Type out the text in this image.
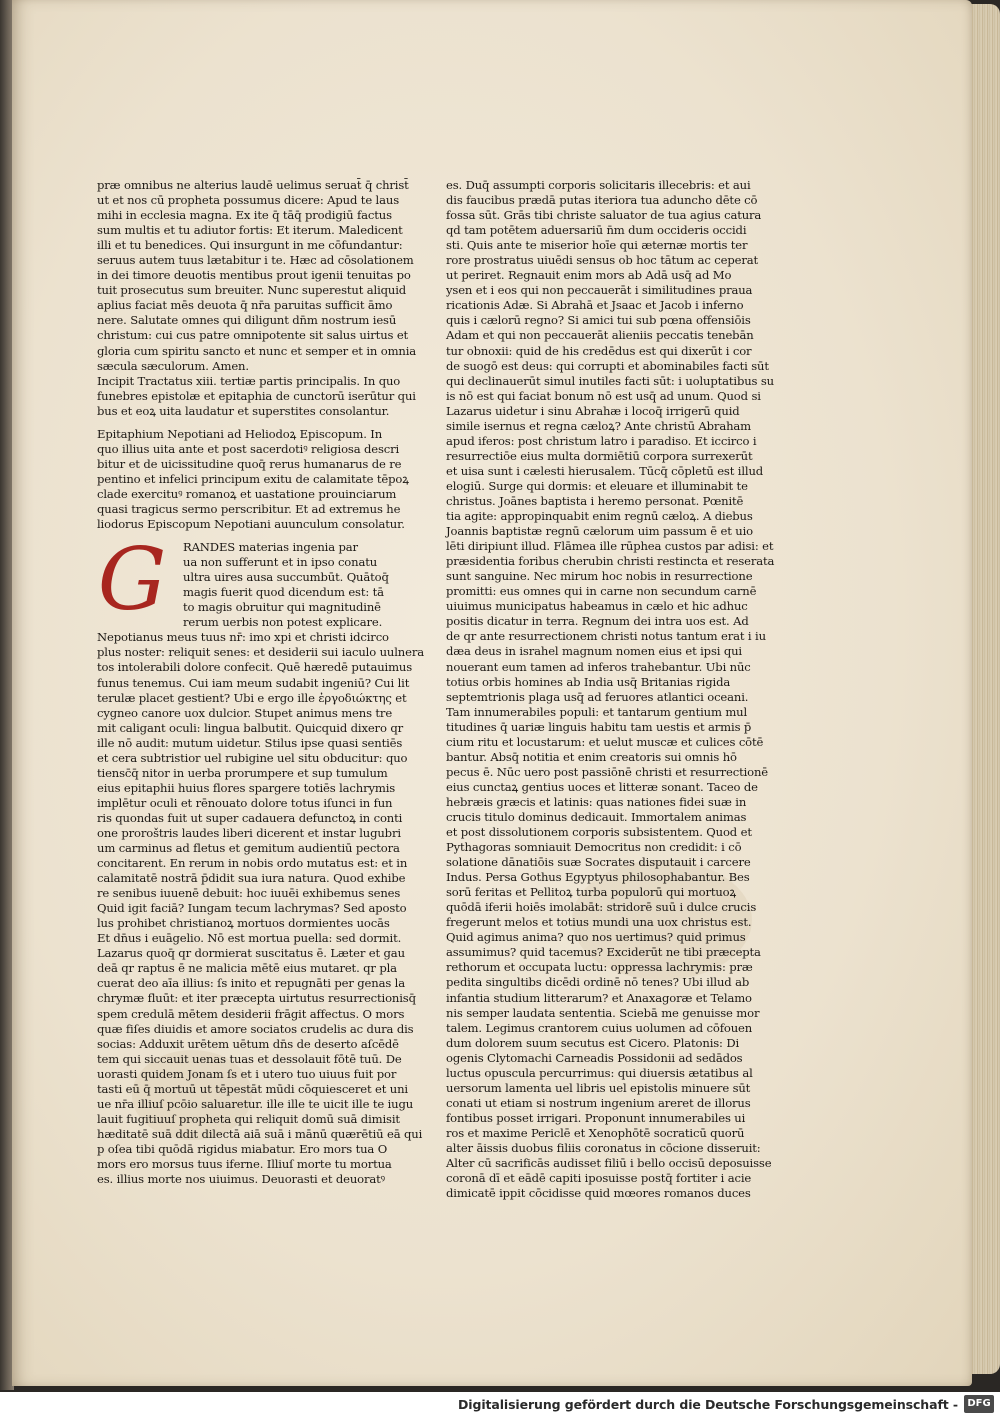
præ omnibus ne alterius laudē uelimus seruat̄ q̄ christ̄
ut et nos cū propheta possumus dicere: Apud te laus
mihi in ecclesia magna. Ex ite q̄ tāq̄ prodigiū factus
sum multis et tu adiutor fortis: Et iterum. Maledicent
illi et tu benedices. Qui insurgunt in me cōfundantur:
seruus autem tuus lætabitur i te. Hæc ad cōsolationem
in dei timore deuotis mentibus prout igenii tenuitas po
tuit prosecutus sum breuiter. Nunc superestut aliquid
aplius faciat mēs deuota q̄ nr̄a paruitas sufficit āmo
nere. Salutate omnes qui diligunt dn̄m nostrum iesū
christum: cui cus patre omnipotente sit salus uirtus et
gloria cum spiritu sancto et nunc et semper et in omnia
sæcula sæculorum. Amen.
Incipit Tractatus xiii. tertiæ partis principalis. In quo
funebres epistolæ et epitaphia de cunctorū iserūtur qui
bus et eoꝝ uita laudatur et superstites consolantur.
Epitaphium Nepotiani ad Heliodoꝝ Episcopum. In
quo illius uita ante et post sacerdotiꝰ religiosa descri
bitur et de uicissitudine quoq̄ rerus humanarus de re
pentino et infelici principum exitu de calamitate tēpoꝝ
clade exercituꝰ romanoꝝ et uastatione prouinciarum
quasi tragicus sermo perscribitur. Et ad extremus he
liodorus Episcopum Nepotiani auunculum consolatur.
G	RANDES materias ingenia par
ua non sufferunt et in ipso conatu
ultra uires ausa succumbūt. Quātoq̄
magis fuerit quod dicendum est: tā
to magis obruitur qui magnitudinē
rerum uerbis non potest explicare.
Nepotianus meus tuus nr̄: imo xpi et christi idcirco
plus noster: reliquit senes: et desiderii sui iaculo uulnera
tos intolerabili dolore confecit. Quē hæredē putauimus
funus tenemus. Cui iam meum sudabit ingeniū? Cui lit
terulæ placet gestient? Ubi e ergo ille ἐργοδιώκτης et
cygneo canore uox dulcior. Stupet animus mens tre
mit caligant oculi: lingua balbutit. Quicquid dixero qr
ille nō audit: mutum uidetur. Stilus ipse quasi sentiēs
et cera subtristior uel rubigine uel situ obducitur: quo
tiensc̄q̄ nitor in uerba prorumpere et sup tumulum
eius epitaphii huius flores spargere totiēs lachrymis
implētur oculi et rēnouato dolore totus iſunci in fun
ris quondas fuit ut super cadauera defunctoꝝ in conti
one proroštris laudes liberi dicerent et instar lugubri
um carminus ad fletus et gemitum audientiū pectora
concitarent. En rerum in nobis ordo mutatus est: et in
calamitatē nostrā p̄didit sua iura natura. Quod exhibe
re senibus iuuenē debuit: hoc iuuēi exhibemus senes
Quid igit faciā? Iungam tecum lachrymas? Sed aposto
lus prohibet christianoꝝ mortuos dormientes uocās
Et dn̄us i euāgelio. Nō est mortua puella: sed dormit.
Lazarus quoq̄ qr dormierat suscitatus ē. Læter et gau
deā qr raptus ē ne malicia mētē eius mutaret. qr pla
cuerat deo aīa illius: ſs inito et repugnāti per genas la
chrymæ fluūt: et iter præcepta uirtutus resurrectionisq̄
spem credulā mētem desiderii frāgit affectus. O mors
quæ fiſes diuidis et amore sociatos crudelis ac dura dis
socias: Adduxit urētem uētum dn̄s de deserto aſcēdē
tem qui siccauit uenas tuas et dessolauit fōtē tuū. De
uorasti quidem Jonam ſs et i utero tuo uiuus fuit por
tasti eū q̄ mortuū ut tēpestāt mūdi cōquiesceret et uni
ue nr̄a illiuſ pcōio saluaretur. ille ille te uicit ille te iugu
lauit fugitiuuſ propheta qui reliquit domū suā dimisit
hæditatē suā ddit dilectā aiā suā i mānū quærētiū eā qui
p oſea tibi quōdā rigidus miabatur. Ero mors tua O
mors ero morsus tuus iferne. Illiuſ morte tu mortua
es. illius morte nos uiuimus. Deuorasti et deuoratꝰ
es. Duq̄ assumpti corporis solicitaris illecebris: et aui
dis faucibus prædā putas iteriora tua aduncho dēte cō
fossa sūt. Grās tibi christe saluator de tua agius catura
qd tam potētem aduersariū n̄m dum occideris occidi
sti. Quis ante te miserior hoīe qui æternæ mortis ter
rore prostratus uiuēdi sensus ob hoc tātum ac ceperat
ut periret. Regnauit enim mors ab Adā usq̄ ad Mo
ysen et i eos qui non peccauerāt i similitudines praua
ricationis Adæ. Si Abrahā et Jsaac et Jacob i inferno
quis i cælorū regno? Si amici tui sub pœna offensiōis
Adam et qui non peccauerāt alieniis peccatis tenebān
tur obnoxii: quid de his credēdus est qui dixerūt i cor
de suogō est deus: qui corrupti et abominabiles facti sūt
qui declinauerūt simul inutiles facti sūt: i uoluptatibus su
is nō est qui faciat bonum nō est usq̄ ad unum. Quod si
Lazarus uidetur i sinu Abrahæ i locoq̄ irrigerū quid
simile isernus et regna cæloꝝ? Ante christū Abraham
apud iferos: post christum latro i paradiso. Et iccirco i
resurrectiōe eius multa dormiētiū corpora surrexerūt
et uisa sunt i cælesti hierusalem. Tūcq̄ cōpletū est illud
elogiū. Surge qui dormis: et eleuare et illuminabit te
christus. Joānes baptista i heremo personat. Pœnitē
tia agite: appropinquabit enim regnū cæloꝝ. A diebus
Joannis baptistæ regnū cælorum uim passum ē et uio
lēti diripiunt illud. Flāmea ille rūphea custos par adisi: et
præsidentia foribus cherubin christi restincta et reserata
sunt sanguine. Nec mirum hoc nobis in resurrectione
promitti: eus omnes qui in carne non secundum carnē
uiuimus municipatus habeamus in cælo et hic adhuc
positis dicatur in terra. Regnum dei intra uos est. Ad
de qr ante resurrectionem christi notus tantum erat i iu
dæa deus in israhel magnum nomen eius et ipsi qui
nouerant eum tamen ad inferos trahebantur. Ubi nūc
totius orbis homines ab India usq̄ Britanias rigida
septemtrionis plaga usq̄ ad feruores atlantici oceani.
Tam innumerabiles populi: et tantarum gentium mul
titudines q̄ uariæ linguis habitu tam uestis et armis p̄
cium ritu et locustarum: et uelut muscæ et culices cōtē
bantur. Absq̄ notitia et enim creatoris sui omnis hō
pecus ē. Nūc uero post passiōnē christi et resurrectionē
eius cunctaꝝ gentius uoces et litteræ sonant. Taceo de
hebræis græcis et latinis: quas nationes fidei suæ in
crucis titulo dominus dedicauit. Immortalem animas
et post dissolutionem corporis subsistentem. Quod et
Pythagoras somniauit Democritus non credidit: i cō
solatione dānatiōis suæ Socrates disputauit i carcere
Indus. Persa Gothus Egyptyus philosophabantur. Bes
sorū feritas et Pellitoꝝ turba populorū qui mortuoꝝ
quōdā iferii hoiēs imolabāt: stridorē suū i dulce crucis
fregerunt melos et totius mundi una uox christus est.
Quid agimus anima? quo nos uertimus? quid primus
assumimus? quid tacemus? Exciderūt ne tibi præcepta
rethorum et occupata luctu: oppressa lachrymis: præ
pedita singultibs dicēdi ordinē nō tenes? Ubi illud ab
infantia studium litterarum? et Anaxagoræ et Telamo
nis semper laudata sententia. Sciebā me genuisse mor
talem. Legimus crantorem cuius uolumen ad cōfouen
dum dolorem suum secutus est Cicero. Platonis: Di
ogenis Clytomachi Carneadis Possidonii ad sedādos
luctus opuscula percurrimus: qui diuersis ætatibus al
uersorum lamenta uel libris uel epistolis minuere sūt
conati ut etiam si nostrum ingenium areret de illorus
fontibus posset irrigari. Proponunt innumerabiles ui
ros et maxime Periclē et Xenophōtē socraticū quorū
alter āissis duobus filiis coronatus in cōcione disseruit:
Alter cū sacrificās audisset filiū i bello occisū deposuisse
coronā dī et eādē capiti iposuisse postq̄ fortiter i acie
dimicatē ippit cōcidisse quid mœores romanos duces
Digitalisierung gefördert durch die Deutsche Forschungsgemeinschaft - DFG
